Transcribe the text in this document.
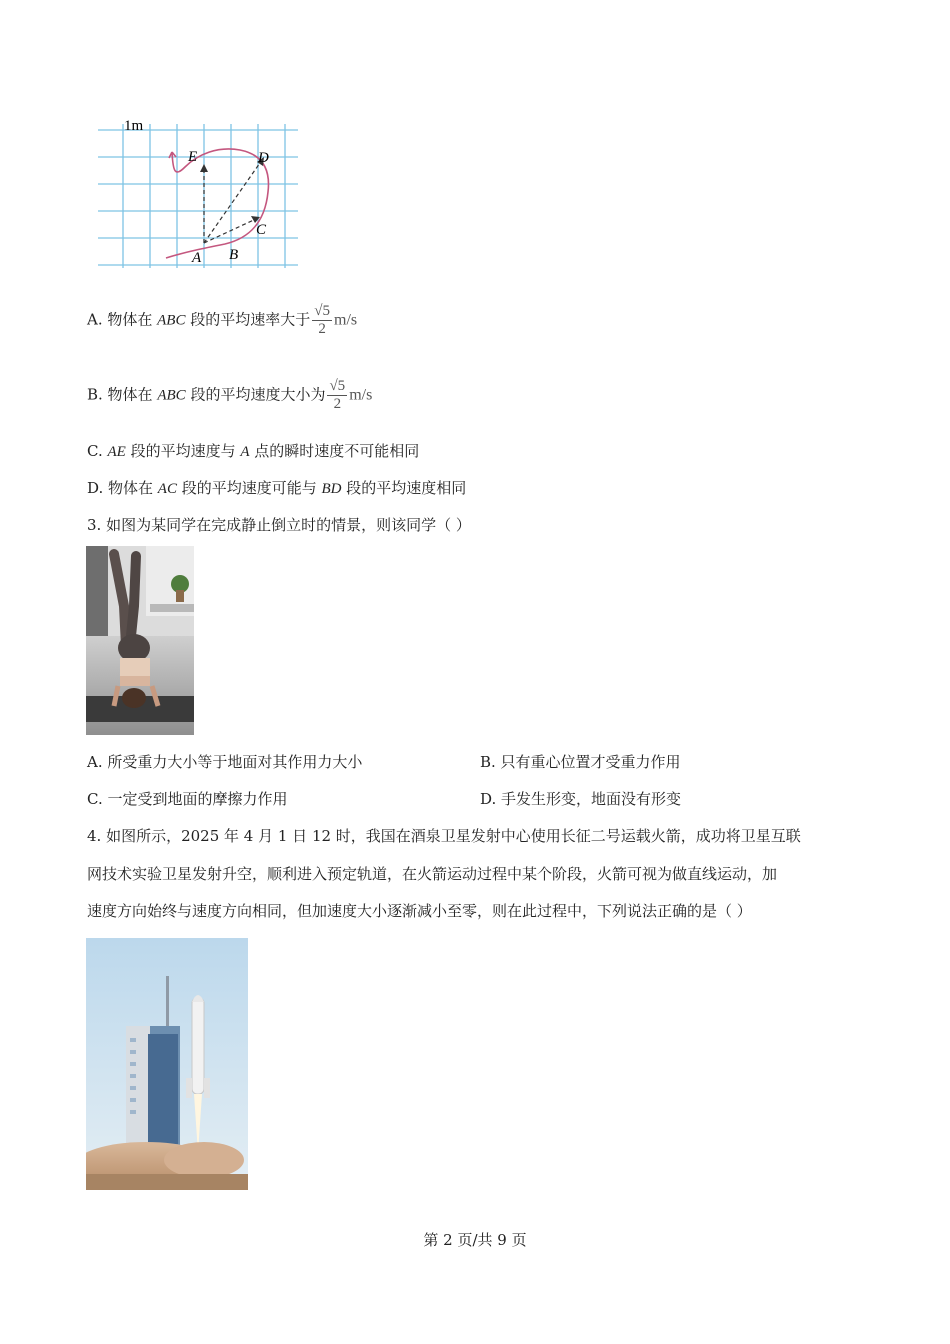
1m
E	D
C
A B
A. 物体在 ABC 段的平均速率大于 $\frac{√5}{2} m/s$
B. 物体在 ABC 段的平均速度大小为 $\frac{√5}{2} m/s$
C. AE 段的平均速度与 A 点的瞬时速度不可能相同
D. 物体在 AC 段的平均速度可能与 BD 段的平均速度相同
3. 如图为某同学在完成静止倒立时的情景，则该同学（ ）
A. 所受重力大小等于地面对其作用力大小	B. 只有重心位置才受重力作用
C. 一定受到地面的摩擦力作用	D. 手发生形变，地面没有形变
4. 如图所示，2025 年 4 月 1 日 12 时，我国在酒泉卫星发射中心使用长征二号运载火箭，成功将卫星互联
网技术实验卫星发射升空，顺利进入预定轨道，在火箭运动过程中某个阶段，火箭可视为做直线运动，加
速度方向始终与速度方向相同，但加速度大小逐渐减小至零，则在此过程中，下列说法正确的是（ ）
第 2 页/共 9 页
